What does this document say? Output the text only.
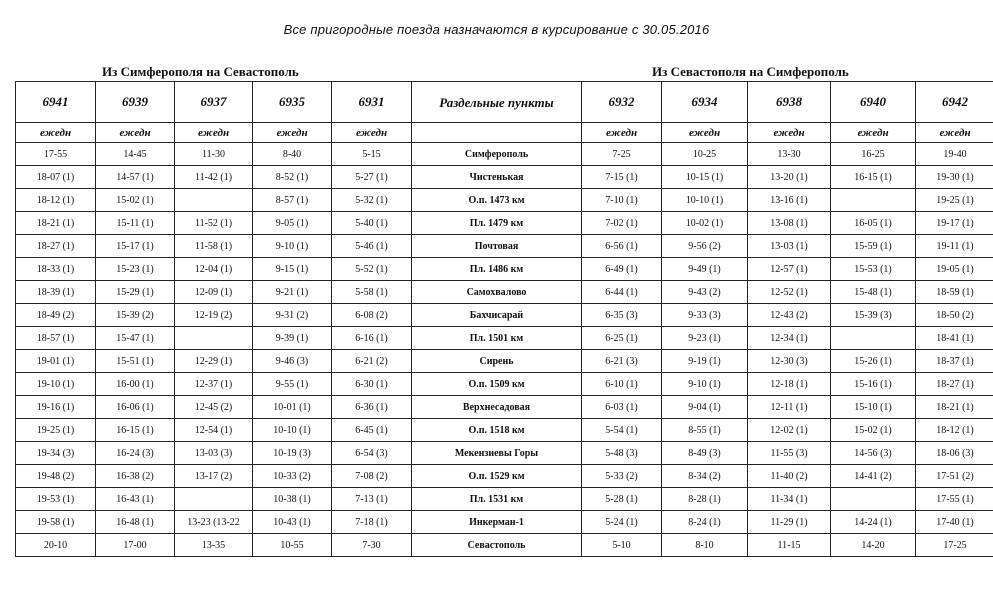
Все пригородные поезда назначаются в курсирование с 30.05.2016
Из Симферополя на Севастополь	Из Севастополя на Симферополь
6941	6939	6937	6935	6931	Раздельные пункты	6932	6934	6938	6940	6942
ежедн	ежедн	ежедн	ежедн	ежедн		ежедн	ежедн	ежедн	ежедн	ежедн
17-55	14-45	11-30	8-40	5-15	Симферополь	7-25	10-25	13-30	16-25	19-40
18-07 (1)	14-57 (1)	11-42 (1)	8-52 (1)	5-27 (1)	Чистенькая	7-15 (1)	10-15 (1)	13-20 (1)	16-15 (1)	19-30 (1)
18-12 (1)	15-02 (1)		8-57 (1)	5-32 (1)	О.п. 1473 км	7-10 (1)	10-10 (1)	13-16 (1)		19-25 (1)
18-21 (1)	15-11 (1)	11-52 (1)	9-05 (1)	5-40 (1)	Пл. 1479 км	7-02 (1)	10-02 (1)	13-08 (1)	16-05 (1)	19-17 (1)
18-27 (1)	15-17 (1)	11-58 (1)	9-10 (1)	5-46 (1)	Почтовая	6-56 (1)	9-56 (2)	13-03 (1)	15-59 (1)	19-11 (1)
18-33 (1)	15-23 (1)	12-04 (1)	9-15 (1)	5-52 (1)	Пл. 1486 км	6-49 (1)	9-49 (1)	12-57 (1)	15-53 (1)	19-05 (1)
18-39 (1)	15-29 (1)	12-09 (1)	9-21 (1)	5-58 (1)	Самохвалово	6-44 (1)	9-43 (2)	12-52 (1)	15-48 (1)	18-59 (1)
18-49 (2)	15-39 (2)	12-19 (2)	9-31 (2)	6-08 (2)	Бахчисарай	6-35 (3)	9-33 (3)	12-43 (2)	15-39 (3)	18-50 (2)
18-57 (1)	15-47 (1)		9-39 (1)	6-16 (1)	Пл. 1501 км	6-25 (1)	9-23 (1)	12-34 (1)		18-41 (1)
19-01 (1)	15-51 (1)	12-29 (1)	9-46 (3)	6-21 (2)	Сирень	6-21 (3)	9-19 (1)	12-30 (3)	15-26 (1)	18-37 (1)
19-10 (1)	16-00 (1)	12-37 (1)	9-55 (1)	6-30 (1)	О.п. 1509 км	6-10 (1)	9-10 (1)	12-18 (1)	15-16 (1)	18-27 (1)
19-16 (1)	16-06 (1)	12-45 (2)	10-01 (1)	6-36 (1)	Верхнесадовая	6-03 (1)	9-04 (1)	12-11 (1)	15-10 (1)	18-21 (1)
19-25 (1)	16-15 (1)	12-54 (1)	10-10 (1)	6-45 (1)	О.п. 1518 км	5-54 (1)	8-55 (1)	12-02 (1)	15-02 (1)	18-12 (1)
19-34 (3)	16-24 (3)	13-03 (3)	10-19 (3)	6-54 (3)	Мекензиевы Горы	5-48 (3)	8-49 (3)	11-55 (3)	14-56 (3)	18-06 (3)
19-48 (2)	16-38 (2)	13-17 (2)	10-33 (2)	7-08 (2)	О.п. 1529 км	5-33 (2)	8-34 (2)	11-40 (2)	14-41 (2)	17-51 (2)
19-53 (1)	16-43 (1)		10-38 (1)	7-13 (1)	Пл. 1531 км	5-28 (1)	8-28 (1)	11-34 (1)		17-55 (1)
19-58 (1)	16-48 (1)	13-23 (13-22	10-43 (1)	7-18 (1)	Инкерман-1	5-24 (1)	8-24 (1)	11-29 (1)	14-24 (1)	17-40 (1)
20-10	17-00	13-35	10-55	7-30	Севастополь	5-10	8-10	11-15	14-20	17-25
